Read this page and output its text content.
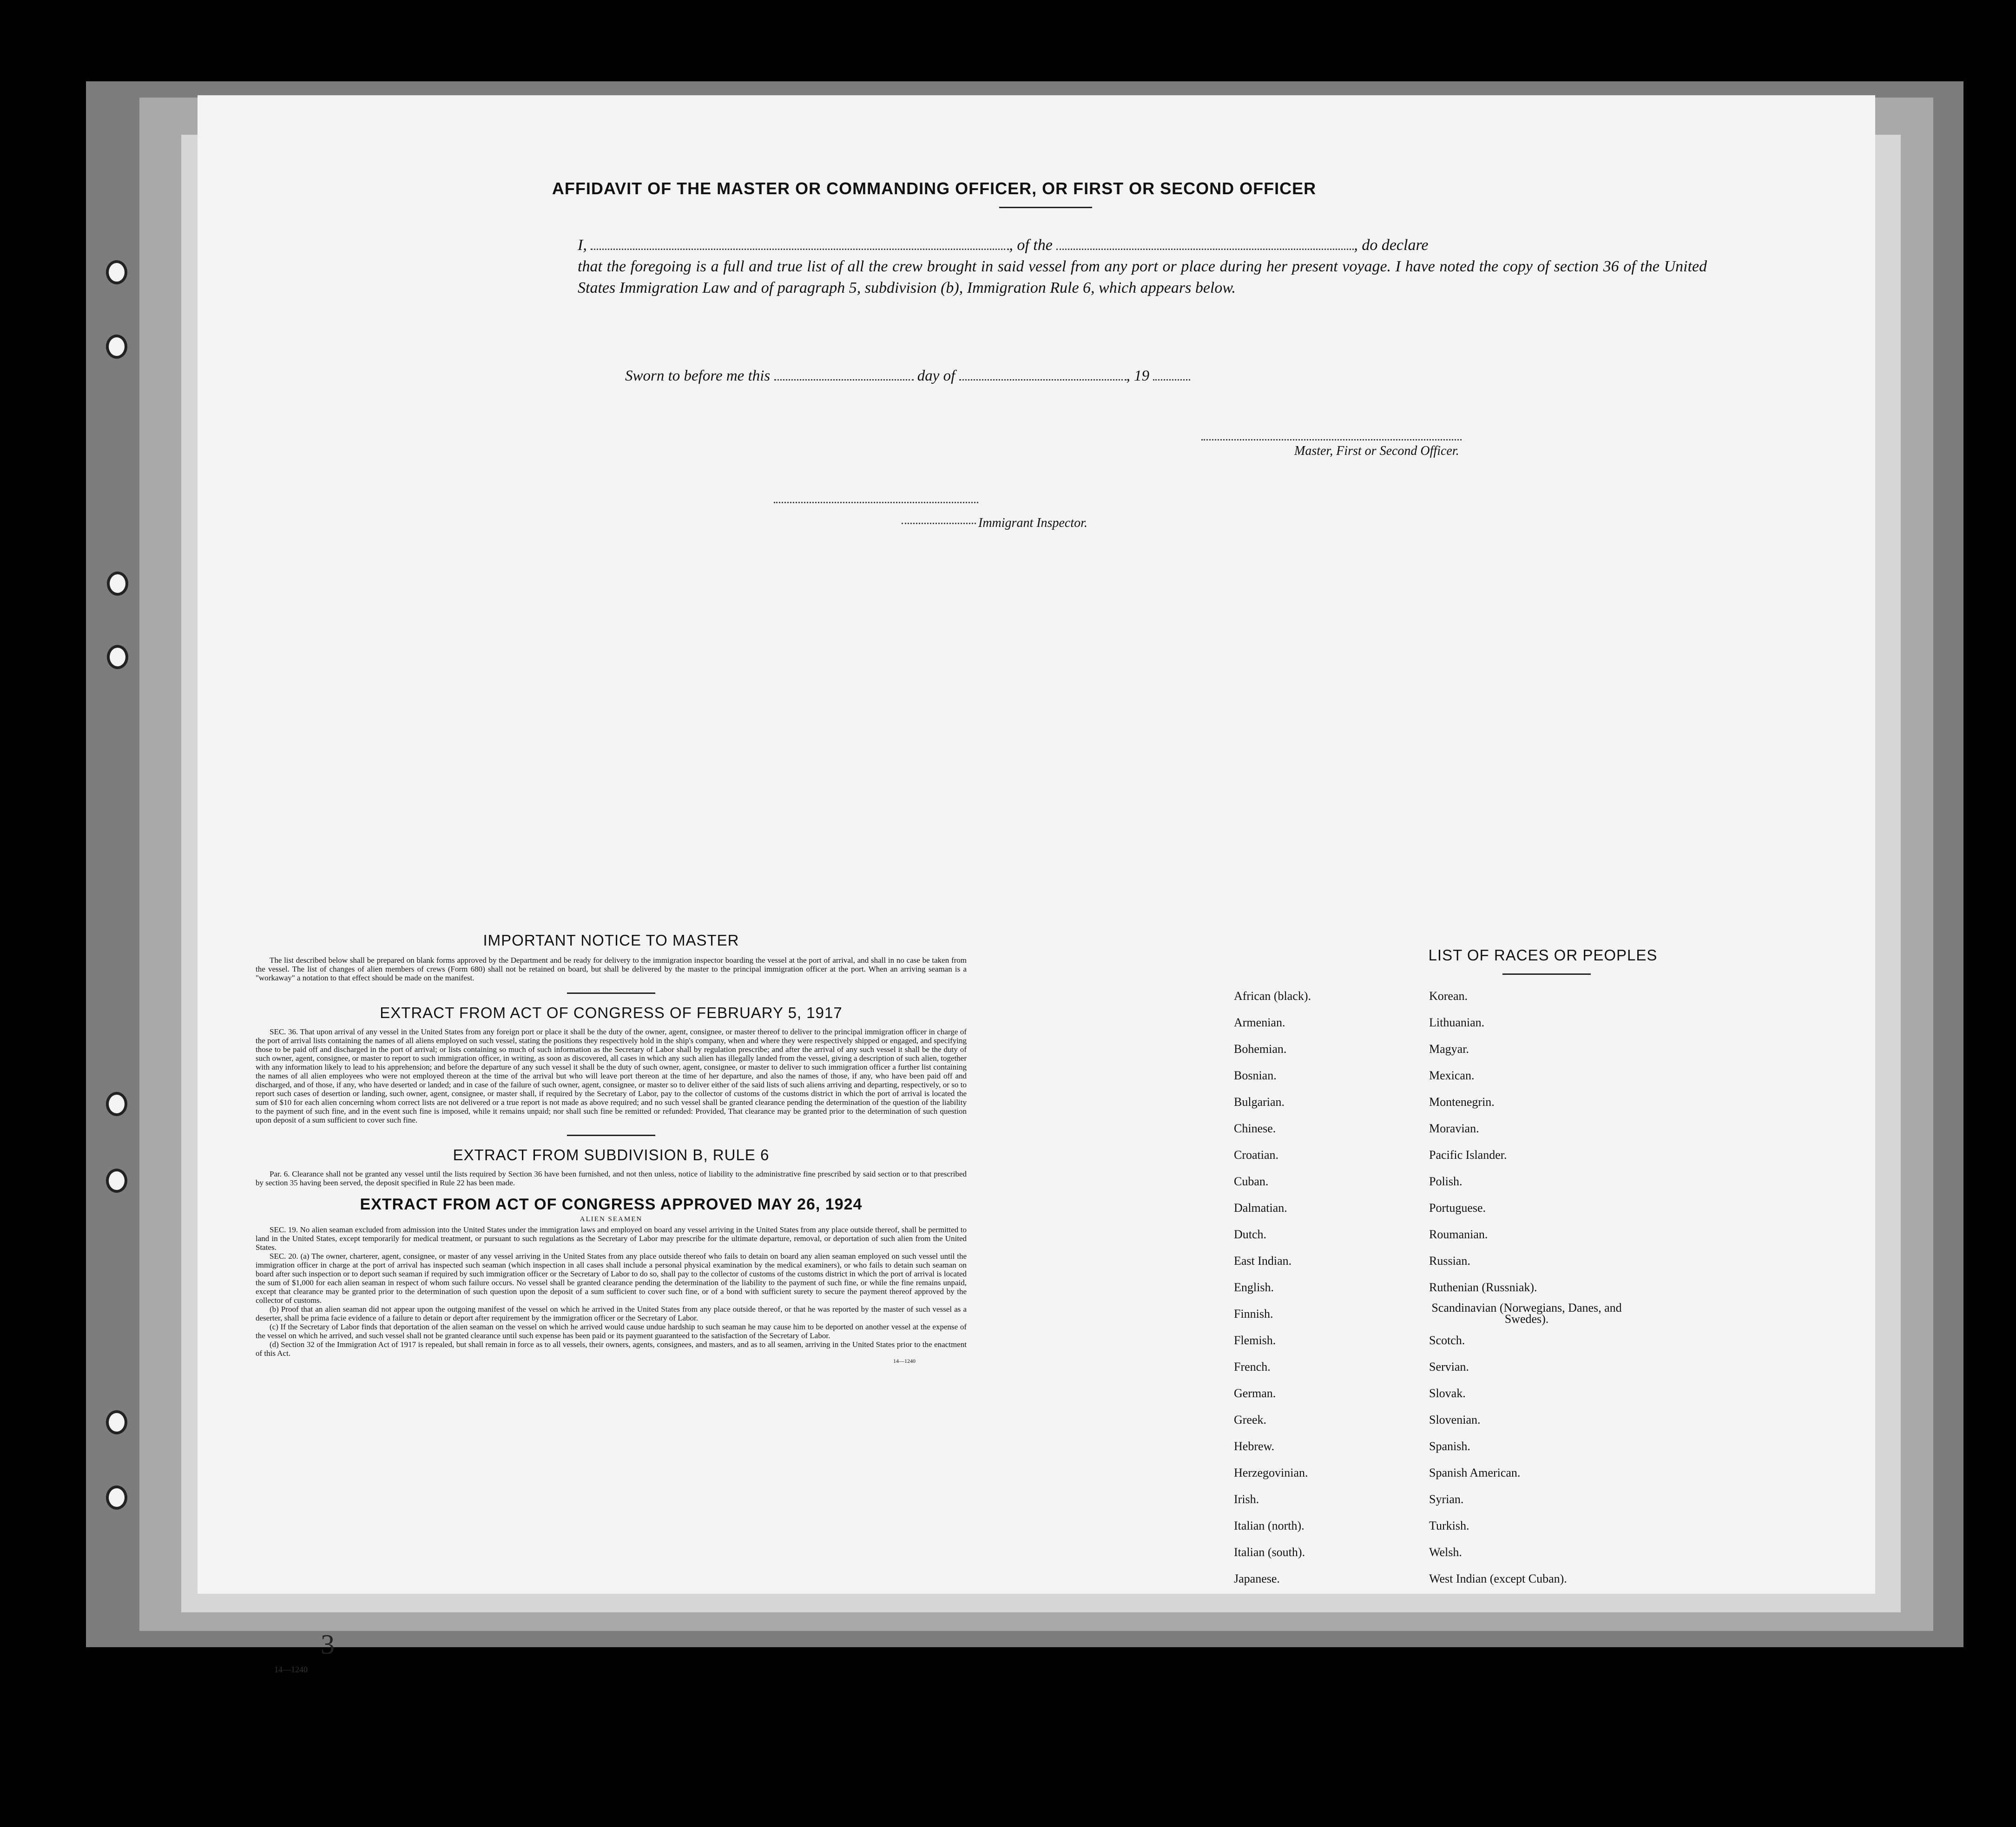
3
14—1240
AFFIDAVIT OF THE MASTER OR COMMANDING OFFICER, OR FIRST OR SECOND OFFICER
I,	, of the	, do declare
that the foregoing is a full and true list of all the crew brought in said vessel from any port or place during her present voyage. I have noted the copy of section 36 of the United States Immigration Law and of paragraph 5, subdivision (b), Immigration Rule 6, which appears below.
Master, First or Second Officer.
Sworn to before me this	day of	, 19
Immigrant Inspector.

IMPORTANT NOTICE TO MASTER

The list described below shall be prepared on blank forms approved by the Department and be ready for delivery to the immigration inspector boarding the vessel at the port of arrival, and shall in no case be taken from the vessel. The list of changes of alien members of crews (Form 680) shall not be retained on board, but shall be delivered by the master to the principal immigration officer at the port. When an arriving seaman is a "workaway" a notation to that effect should be made on the manifest.

EXTRACT FROM ACT OF CONGRESS OF FEBRUARY 5, 1917

SEC. 36. That upon arrival of any vessel in the United States from any foreign port or place it shall be the duty of the owner, agent, consignee, or master thereof to deliver to the principal immigration officer in charge of the port of arrival lists containing the names of all aliens employed on such vessel, stating the positions they respectively hold in the ship's company, when and where they were respectively shipped or engaged, and specifying those to be paid off and discharged in the port of arrival; or lists containing so much of such information as the Secretary of Labor shall by regulation prescribe; and after the arrival of any such vessel it shall be the duty of such owner, agent, consignee, or master to report to such immigration officer, in writing, as soon as discovered, all cases in which any such alien has illegally landed from the vessel, giving a description of such alien, together with any information likely to lead to his apprehension; and before the departure of any such vessel it shall be the duty of such owner, agent, consignee, or master to deliver to such immigration officer a further list containing the names of all alien employees who were not employed thereon at the time of the arrival but who will leave port thereon at the time of her departure, and also the names of those, if any, who have been paid off and discharged, and of those, if any, who have deserted or landed; and in case of the failure of such owner, agent, consignee, or master so to deliver either of the said lists of such aliens arriving and departing, respectively, or so to report such cases of desertion or landing, such owner, agent, consignee, or master shall, if required by the Secretary of Labor, pay to the collector of customs of the customs district in which the port of arrival is located the sum of $10 for each alien concerning whom correct lists are not delivered or a true report is not made as above required; and no such vessel shall be granted clearance pending the determination of the question of the liability to the payment of such fine, and in the event such fine is imposed, while it remains unpaid; nor shall such fine be remitted or refunded: Provided, That clearance may be granted prior to the determination of such question upon deposit of a sum sufficient to cover such fine.

EXTRACT FROM SUBDIVISION B, RULE 6

Par. 6. Clearance shall not be granted any vessel until the lists required by Section 36 have been furnished, and not then unless, notice of liability to the administrative fine prescribed by said section or to that prescribed by section 35 having been served, the deposit specified in Rule 22 has been made.

EXTRACT FROM ACT OF CONGRESS APPROVED MAY 26, 1924

ALIEN SEAMEN

SEC. 19. No alien seaman excluded from admission into the United States under the immigration laws and employed on board any vessel arriving in the United States from any place outside thereof, shall be permitted to land in the United States, except temporarily for medical treatment, or pursuant to such regulations as the Secretary of Labor may prescribe for the ultimate departure, removal, or deportation of such alien from the United States.

SEC. 20. (a) The owner, charterer, agent, consignee, or master of any vessel arriving in the United States from any place outside thereof who fails to detain on board any alien seaman employed on such vessel until the immigration officer in charge at the port of arrival has inspected such seaman (which inspection in all cases shall include a personal physical examination by the medical examiners), or who fails to detain such seaman on board after such inspection or to deport such seaman if required by such immigration officer or the Secretary of Labor to do so, shall pay to the collector of customs of the customs district in which the port of arrival is located the sum of $1,000 for each alien seaman in respect of whom such failure occurs. No vessel shall be granted clearance pending the determination of the liability to the payment of such fine, or while the fine remains unpaid, except that clearance may be granted prior to the determination of such question upon the deposit of a sum sufficient to cover such fine, or of a bond with sufficient surety to secure the payment thereof approved by the collector of customs.

(b) Proof that an alien seaman did not appear upon the outgoing manifest of the vessel on which he arrived in the United States from any place outside thereof, or that he was reported by the master of such vessel as a deserter, shall be prima facie evidence of a failure to detain or deport after requirement by the immigration officer or the Secretary of Labor.

(c) If the Secretary of Labor finds that deportation of the alien seaman on the vessel on which he arrived would cause undue hardship to such seaman he may cause him to be deported on another vessel at the expense of the vessel on which he arrived, and such vessel shall not be granted clearance until such expense has been paid or its payment guaranteed to the satisfaction of the Secretary of Labor.

(d) Section 32 of the Immigration Act of 1917 is repealed, but shall remain in force as to all vessels, their owners, agents, consignees, and masters, and as to all seamen, arriving in the United States prior to the enactment of this Act.

14—1240
LIST OF RACES OR PEOPLES
African (black).
Armenian.
Bohemian.
Bosnian.
Bulgarian.
Chinese.
Croatian.
Cuban.
Dalmatian.
Dutch.
East Indian.
English.
Finnish.
Flemish.
French.
German.
Greek.
Hebrew.
Herzegovinian.
Irish.
Italian (north).
Italian (south).
Japanese.
Korean.
Lithuanian.
Magyar.
Mexican.
Montenegrin.
Moravian.
Pacific Islander.
Polish.
Portuguese.
Roumanian.
Russian.
Ruthenian (Russniak).
Scandinavian (Norwegians, Danes, and Swedes).
Scotch.
Servian.
Slovak.
Slovenian.
Spanish.
Spanish American.
Syrian.
Turkish.
Welsh.
West Indian (except Cuban).
